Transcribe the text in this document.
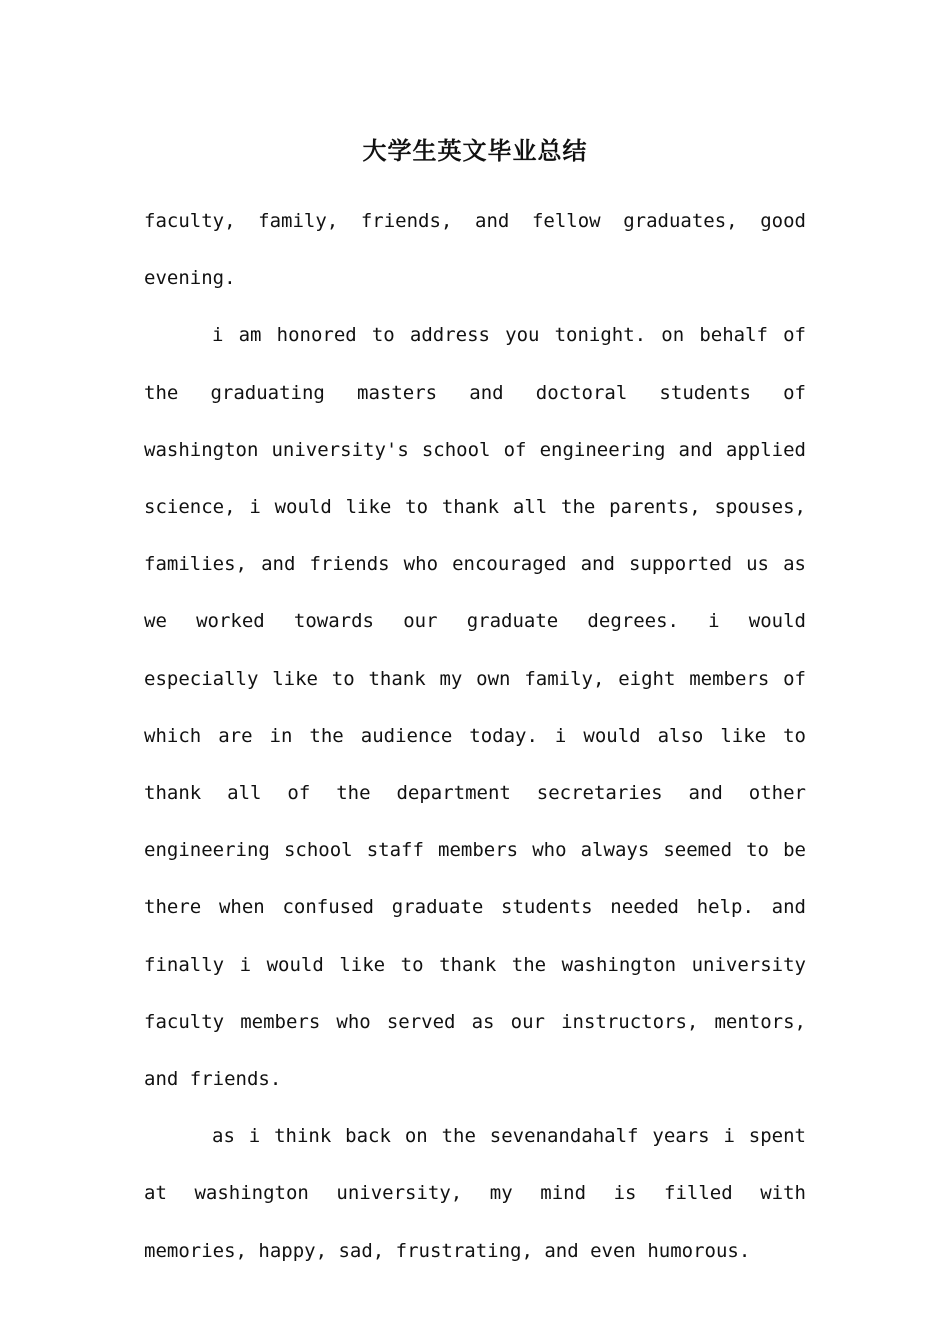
大学生英文毕业总结

faculty, family, friends, and fellow graduates, good evening.

i am honored to address you tonight. on behalf of the graduating masters and doctoral students of washington university's school of engineering and applied science, i would like to thank all the parents, spouses, families, and friends who encouraged and supported us as we worked towards our graduate degrees. i would especially like to thank my own family, eight members of which are in the audience today. i would also like to thank all of the department secretaries and other engineering school staff members who always seemed to be there when confused graduate students needed help. and finally i would like to thank the washington university faculty members who served as our instructors, mentors, and friends.

as i think back on the sevenandahalf years i spent at washington university, my mind is filled with memories, happy, sad, frustrating, and even humorous.
